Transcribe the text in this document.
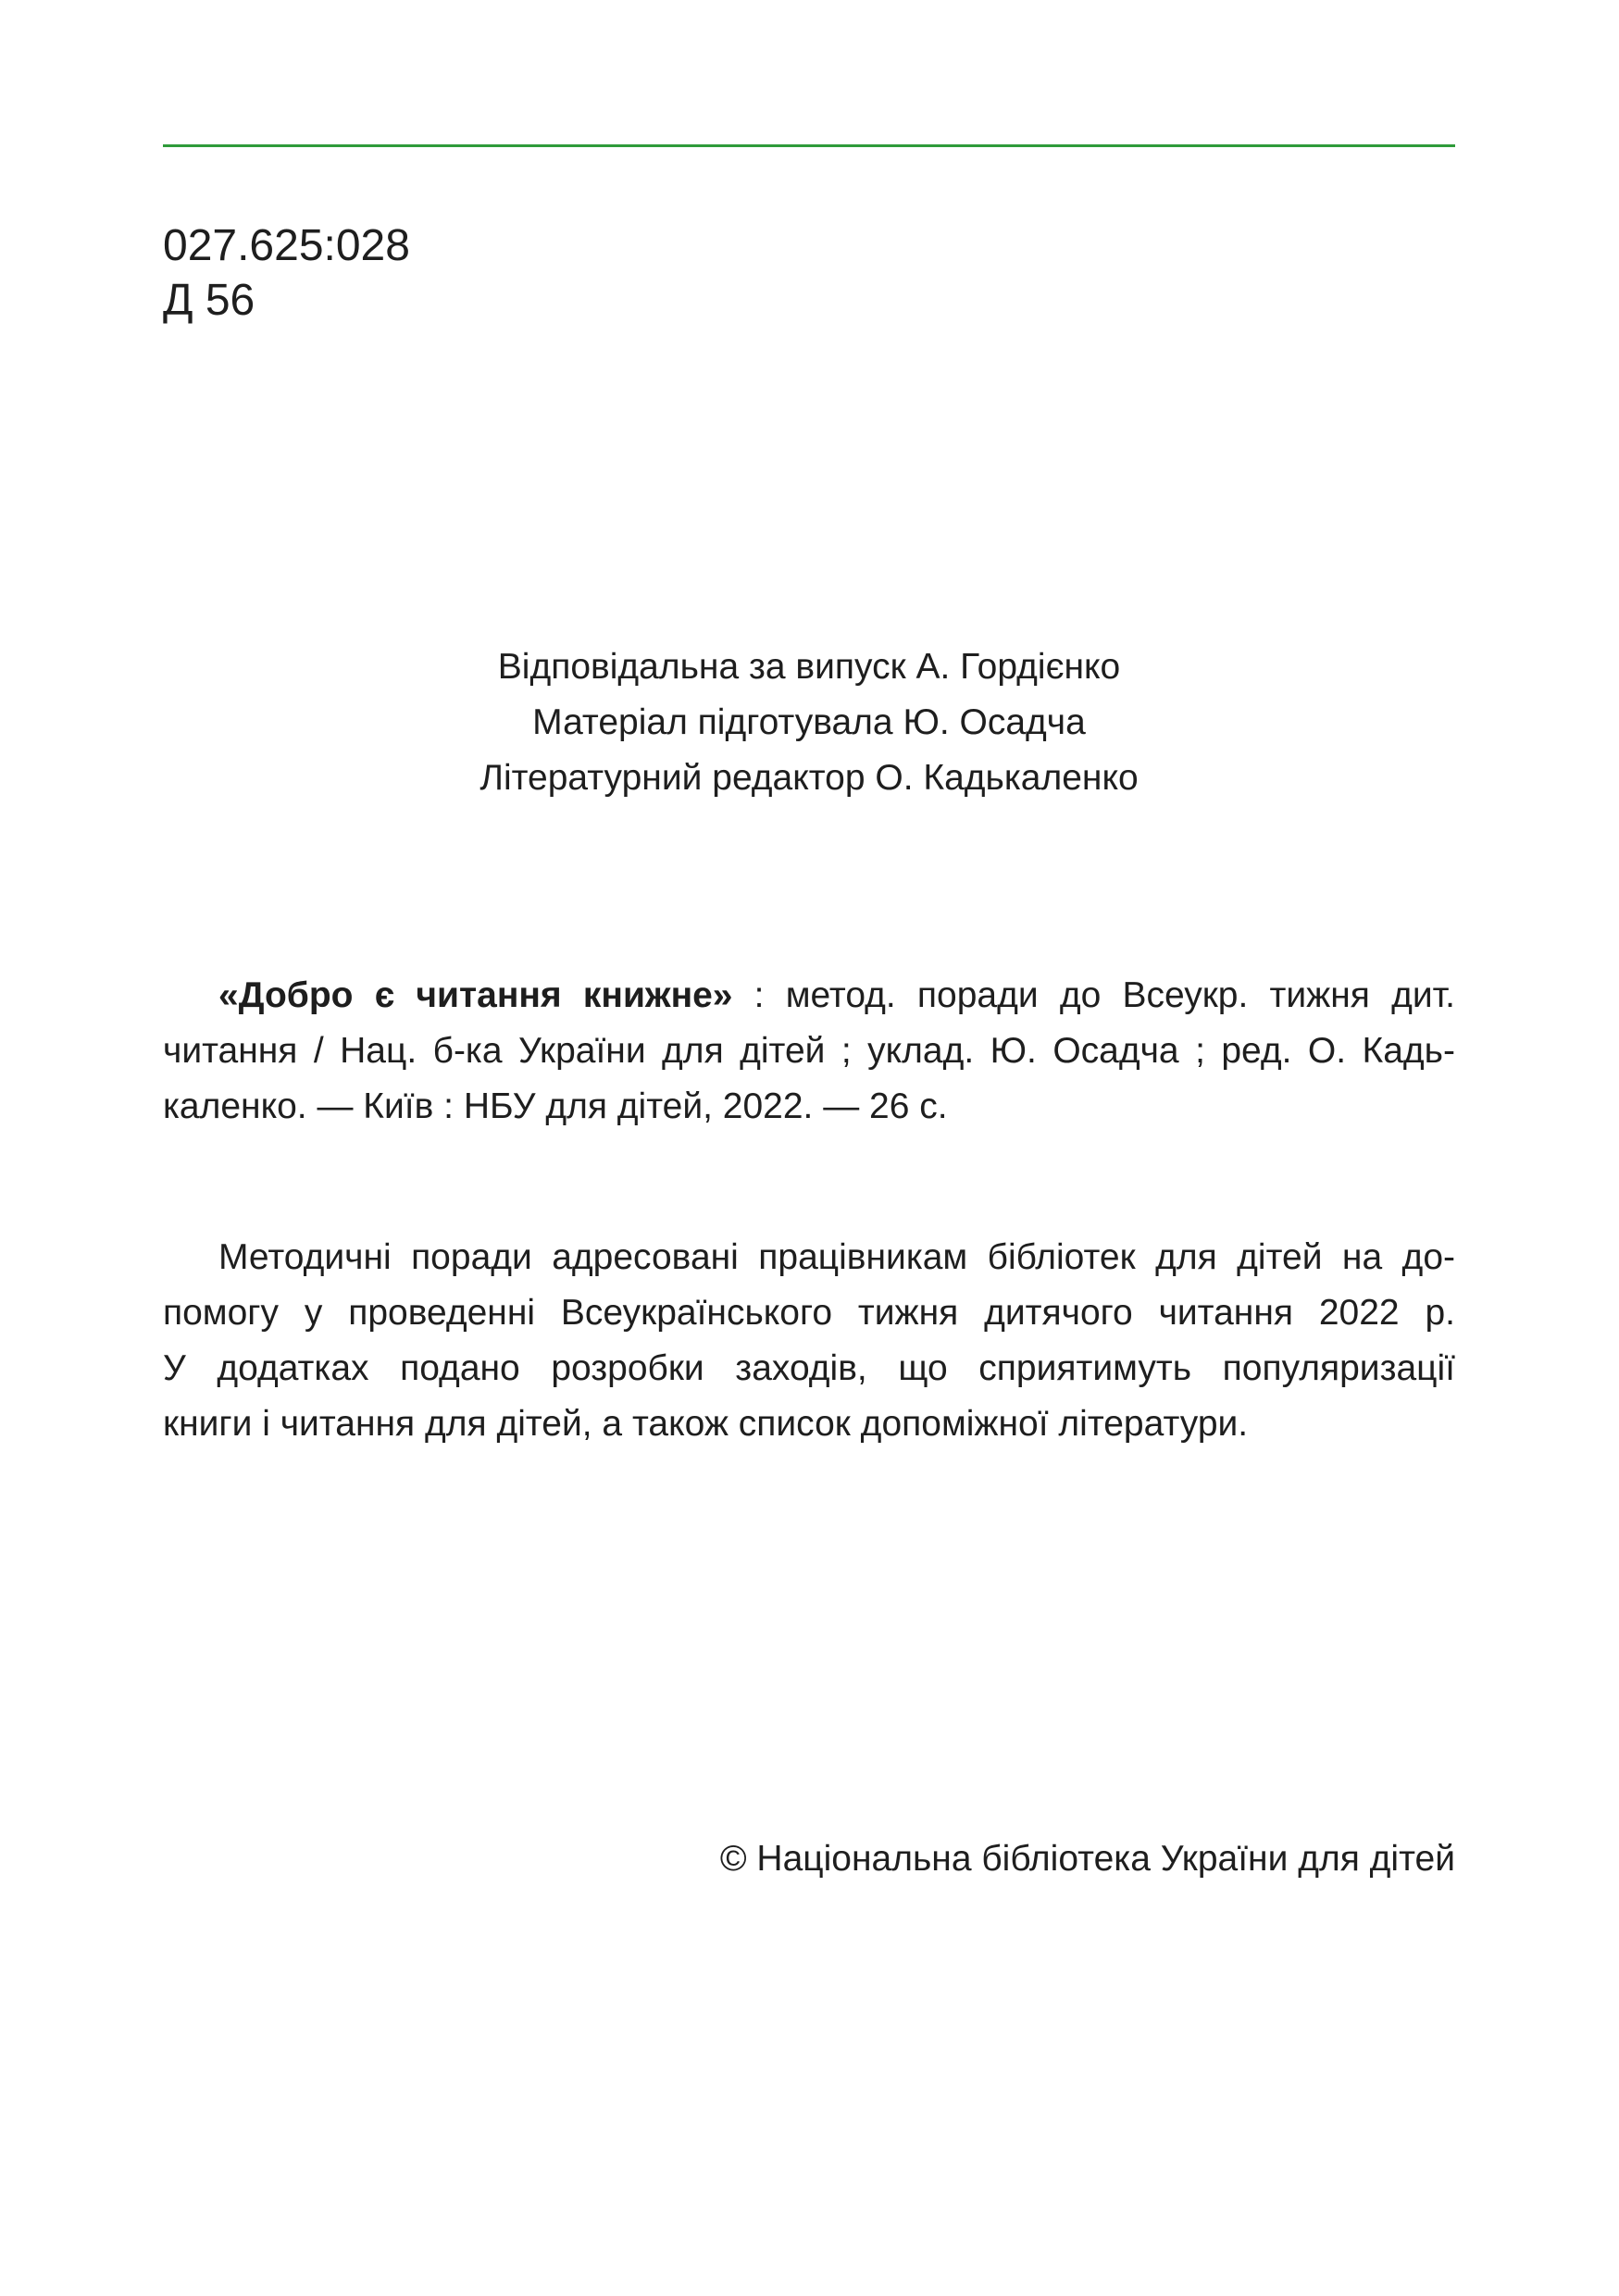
027.625:028
Д 56
Відповідальна за випуск А. Гордієнко
Матеріал підготувала Ю. Осадча
Літературний редактор О. Кадькаленко
«Добро є читання книжне» : метод. поради до Всеукр. тижня дит.
читання / Нац. б-ка України для дітей ; уклад. Ю. Осадча ; ред. О. Кадь-
каленко. — Київ : НБУ для дітей, 2022. — 26 с.
Методичні поради адресовані працівникам бібліотек для дітей на до-
помогу у проведенні Всеукраїнського тижня дитячого читання 2022 р.
У додатках подано розробки заходів, що сприятимуть популяризації
книги і читання для дітей, а також список допоміжної літератури.
© Національна бібліотека України для дітей
